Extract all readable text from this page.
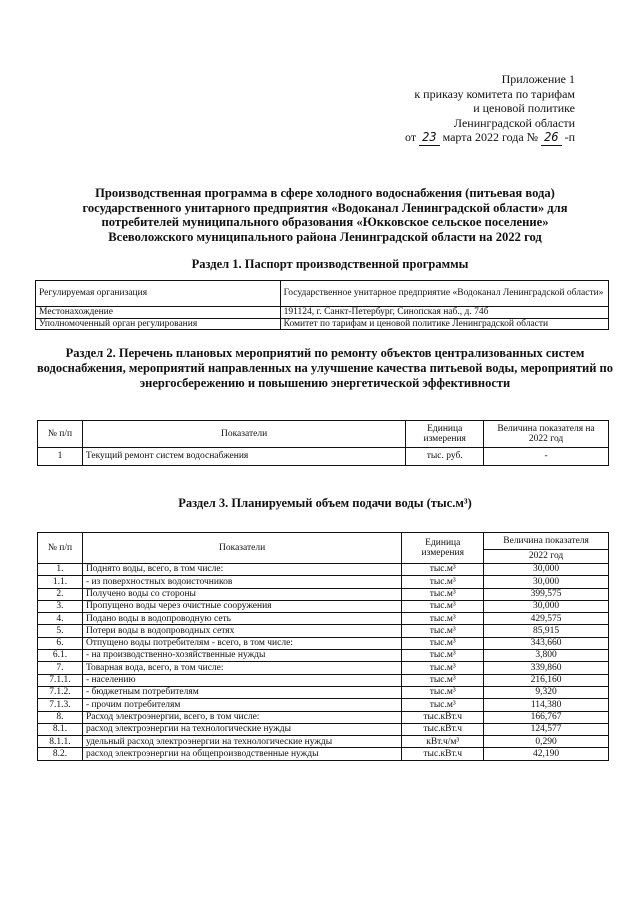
Приложение 1
к приказу комитета по тарифам
и ценовой политике
Ленинградской области
от 23 марта 2022 года № 26 -п
Производственная программа в сфере холодного водоснабжения (питьевая вода) государственного унитарного предприятия «Водоканал Ленинградской области» для потребителей муниципального образования «Юкковское сельское поселение» Всеволожского муниципального района Ленинградской области на 2022 год
Раздел 1. Паспорт производственной программы
Регулируемая организация	Государственное унитарное предприятие «Водоканал Ленинградской области»
Местонахождение	191124, г. Санкт-Петербург, Синопская наб., д. 74б
Уполномоченный орган регулирования	Комитет по тарифам и ценовой политике Ленинградской области
Раздел 2. Перечень плановых мероприятий по ремонту объектов централизованных систем водоснабжения, мероприятий направленных на улучшение качества питьевой воды, мероприятий по энергосбережению и повышению энергетической эффективности
№ п/п	Показатели	Единица измерения	Величина показателя на 2022 год
1	Текущий ремонт систем водоснабжения	тыс. руб.	-
Раздел 3. Планируемый объем подачи воды (тыс.м³)
№ п/п	Показатели	Единица измерения	Величина показателя
			2022 год
1.	Поднято воды, всего, в том числе:	тыс.м³	30,000
1.1.	- из поверхностных водоисточников	тыс.м³	30,000
2.	Получено воды со стороны	тыс.м³	399,575
3.	Пропущено воды через очистные сооружения	тыс.м³	30,000
4.	Подано воды в водопроводную сеть	тыс.м³	429,575
5.	Потери воды в водопроводных сетях	тыс.м³	85,915
6.	Отпущено воды потребителям - всего, в том числе:	тыс.м³	343,660
6.1.	- на производственно-хозяйственные нужды	тыс.м³	3,800
7.	Товарная вода, всего, в том числе:	тыс.м³	339,860
7.1.1.	- населению	тыс.м³	216,160
7.1.2.	- бюджетным потребителям	тыс.м³	9,320
7.1.3.	- прочим потребителям	тыс.м³	114,380
8.	Расход электроэнергии, всего, в том числе:	тыс.кВт.ч	166,767
8.1.	расход электроэнергии на технологические нужды	тыс.кВт.ч	124,577
8.1.1.	удельный расход электроэнергии на технологические нужды	кВт.ч/м³	0,290
8.2.	расход электроэнергии на общепроизводственные нужды	тыс.кВт.ч	42,190
